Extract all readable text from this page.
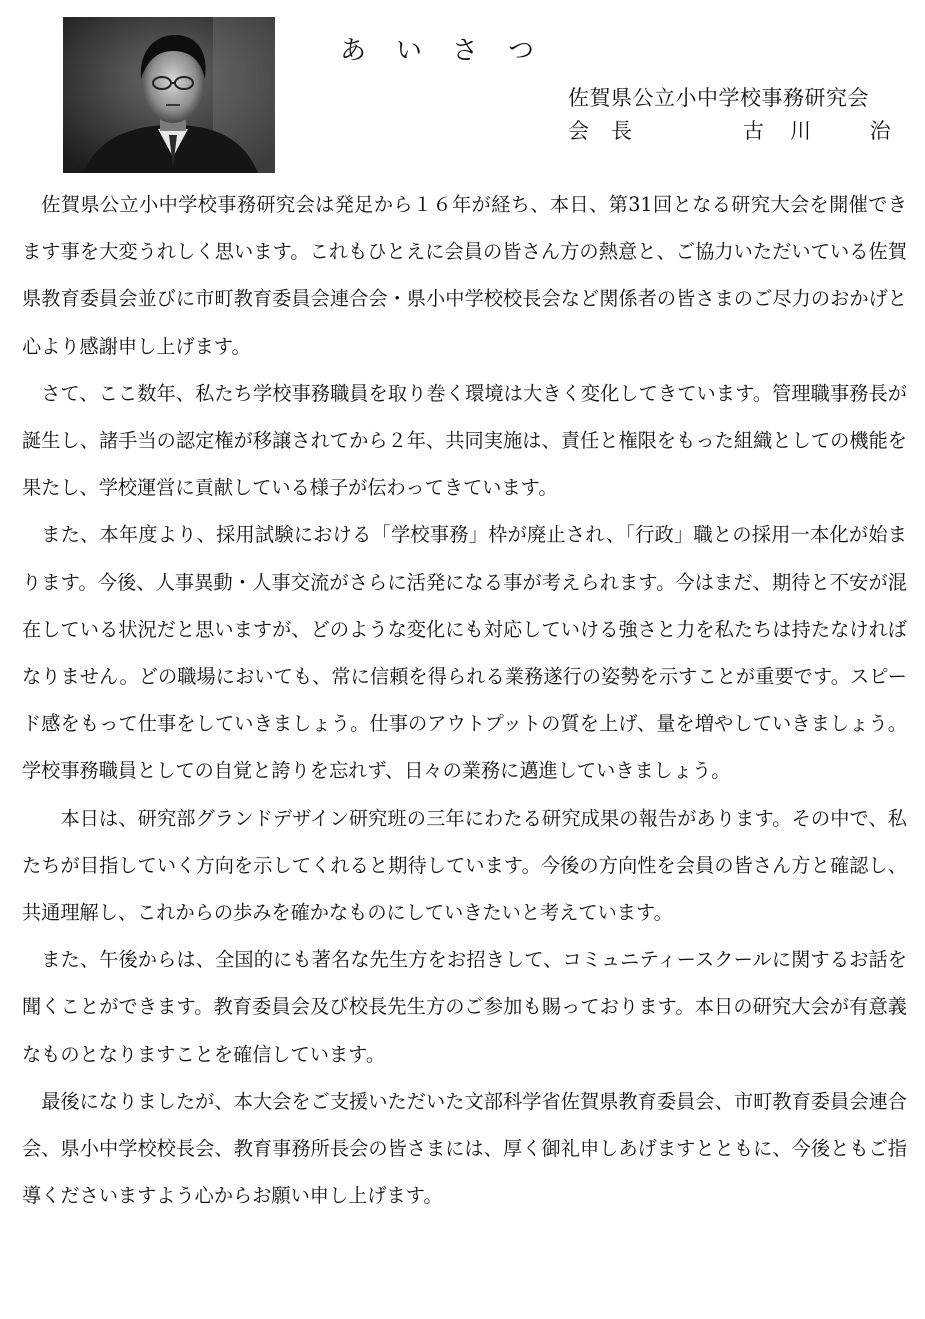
あいさつ
佐賀県公立小中学校事務研究会
会長	古川 治

佐賀県公立小中学校事務研究会は発足から１６年が経ち、本日、第31回となる研究大会を開催できます事を大変うれしく思います。これもひとえに会員の皆さん方の熱意と、ご協力いただいている佐賀県教育委員会並びに市町教育委員会連合会・県小中学校校長会など関係者の皆さまのご尽力のおかげと心より感謝申し上げます。

さて、ここ数年、私たち学校事務職員を取り巻く環境は大きく変化してきています。管理職事務長が誕生し、諸手当の認定権が移譲されてから２年、共同実施は、責任と権限をもった組織としての機能を果たし、学校運営に貢献している様子が伝わってきています。

また、本年度より、採用試験における「学校事務」枠が廃止され、「行政」職との採用一本化が始まります。今後、人事異動・人事交流がさらに活発になる事が考えられます。今はまだ、期待と不安が混在している状況だと思いますが、どのような変化にも対応していける強さと力を私たちは持たなければなりません。どの職場においても、常に信頼を得られる業務遂行の姿勢を示すことが重要です。スピード感をもって仕事をしていきましょう。仕事のアウトプットの質を上げ、量を増やしていきましょう。学校事務職員としての自覚と誇りを忘れず、日々の業務に邁進していきましょう。

本日は、研究部グランドデザイン研究班の三年にわたる研究成果の報告があります。その中で、私たちが目指していく方向を示してくれると期待しています。今後の方向性を会員の皆さん方と確認し、共通理解し、これからの歩みを確かなものにしていきたいと考えています。

また、午後からは、全国的にも著名な先生方をお招きして、コミュニティースクールに関するお話を聞くことができます。教育委員会及び校長先生方のご参加も賜っております。本日の研究大会が有意義なものとなりますことを確信しています。

最後になりましたが、本大会をご支援いただいた文部科学省佐賀県教育委員会、市町教育委員会連合会、県小中学校校長会、教育事務所長会の皆さまには、厚く御礼申しあげますとともに、今後ともご指導くださいますよう心からお願い申し上げます。
